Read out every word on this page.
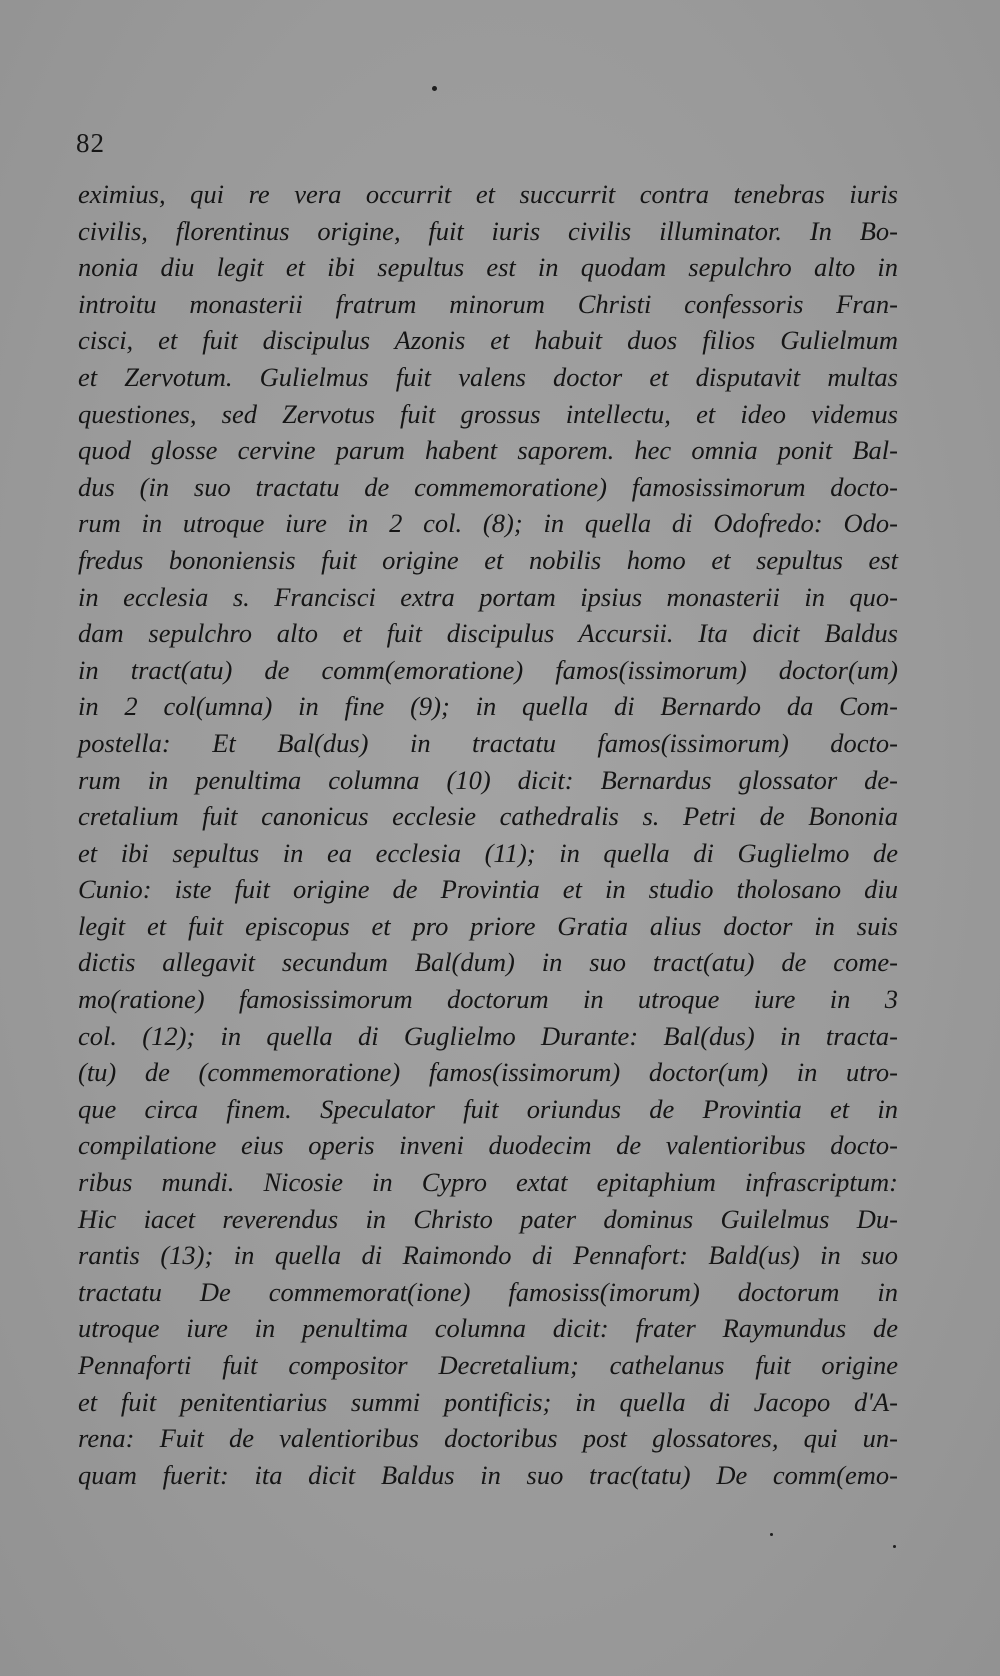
82
eximius, qui re vera occurrit et succurrit contra tenebras iuris
civilis, florentinus origine, fuit iuris civilis illuminator. In Bo-
nonia diu legit et ibi sepultus est in quodam sepulchro alto in
introitu monasterii fratrum minorum Christi confessoris Fran-
cisci, et fuit discipulus Azonis et habuit duos filios Gulielmum
et Zervotum. Gulielmus fuit valens doctor et disputavit multas
questiones, sed Zervotus fuit grossus intellectu, et ideo videmus
quod glosse cervine parum habent saporem. hec omnia ponit Bal-
dus (in suo tractatu de commemoratione) famosissimorum docto-
rum in utroque iure in 2 col. (8); in quella di Odofredo: Odo-
fredus bononiensis fuit origine et nobilis homo et sepultus est
in ecclesia s. Francisci extra portam ipsius monasterii in quo-
dam sepulchro alto et fuit discipulus Accursii. Ita dicit Baldus
in tract(atu) de comm(emoratione) famos(issimorum) doctor(um)
in 2 col(umna) in fine (9); in quella di Bernardo da Com-
postella: Et Bal(dus) in tractatu famos(issimorum) docto-
rum in penultima columna (10) dicit: Bernardus glossator de-
cretalium fuit canonicus ecclesie cathedralis s. Petri de Bononia
et ibi sepultus in ea ecclesia (11); in quella di Guglielmo de
Cunio: iste fuit origine de Provintia et in studio tholosano diu
legit et fuit episcopus et pro priore Gratia alius doctor in suis
dictis allegavit secundum Bal(dum) in suo tract(atu) de come-
mo(ratione) famosissimorum doctorum in utroque iure in 3
col. (12); in quella di Guglielmo Durante: Bal(dus) in tracta-
(tu) de (commemoratione) famos(issimorum) doctor(um) in utro-
que circa finem. Speculator fuit oriundus de Provintia et in
compilatione eius operis inveni duodecim de valentioribus docto-
ribus mundi. Nicosie in Cypro extat epitaphium infrascriptum:
Hic iacet reverendus in Christo pater dominus Guilelmus Du-
rantis (13); in quella di Raimondo di Pennafort: Bald(us) in suo
tractatu De commemorat(ione) famosiss(imorum) doctorum in
utroque iure in penultima columna dicit: frater Raymundus de
Pennaforti fuit compositor Decretalium; cathelanus fuit origine
et fuit penitentiarius summi pontificis; in quella di Jacopo d'A-
rena: Fuit de valentioribus doctoribus post glossatores, qui un-
quam fuerit: ita dicit Baldus in suo trac(tatu) De comm(emo-
